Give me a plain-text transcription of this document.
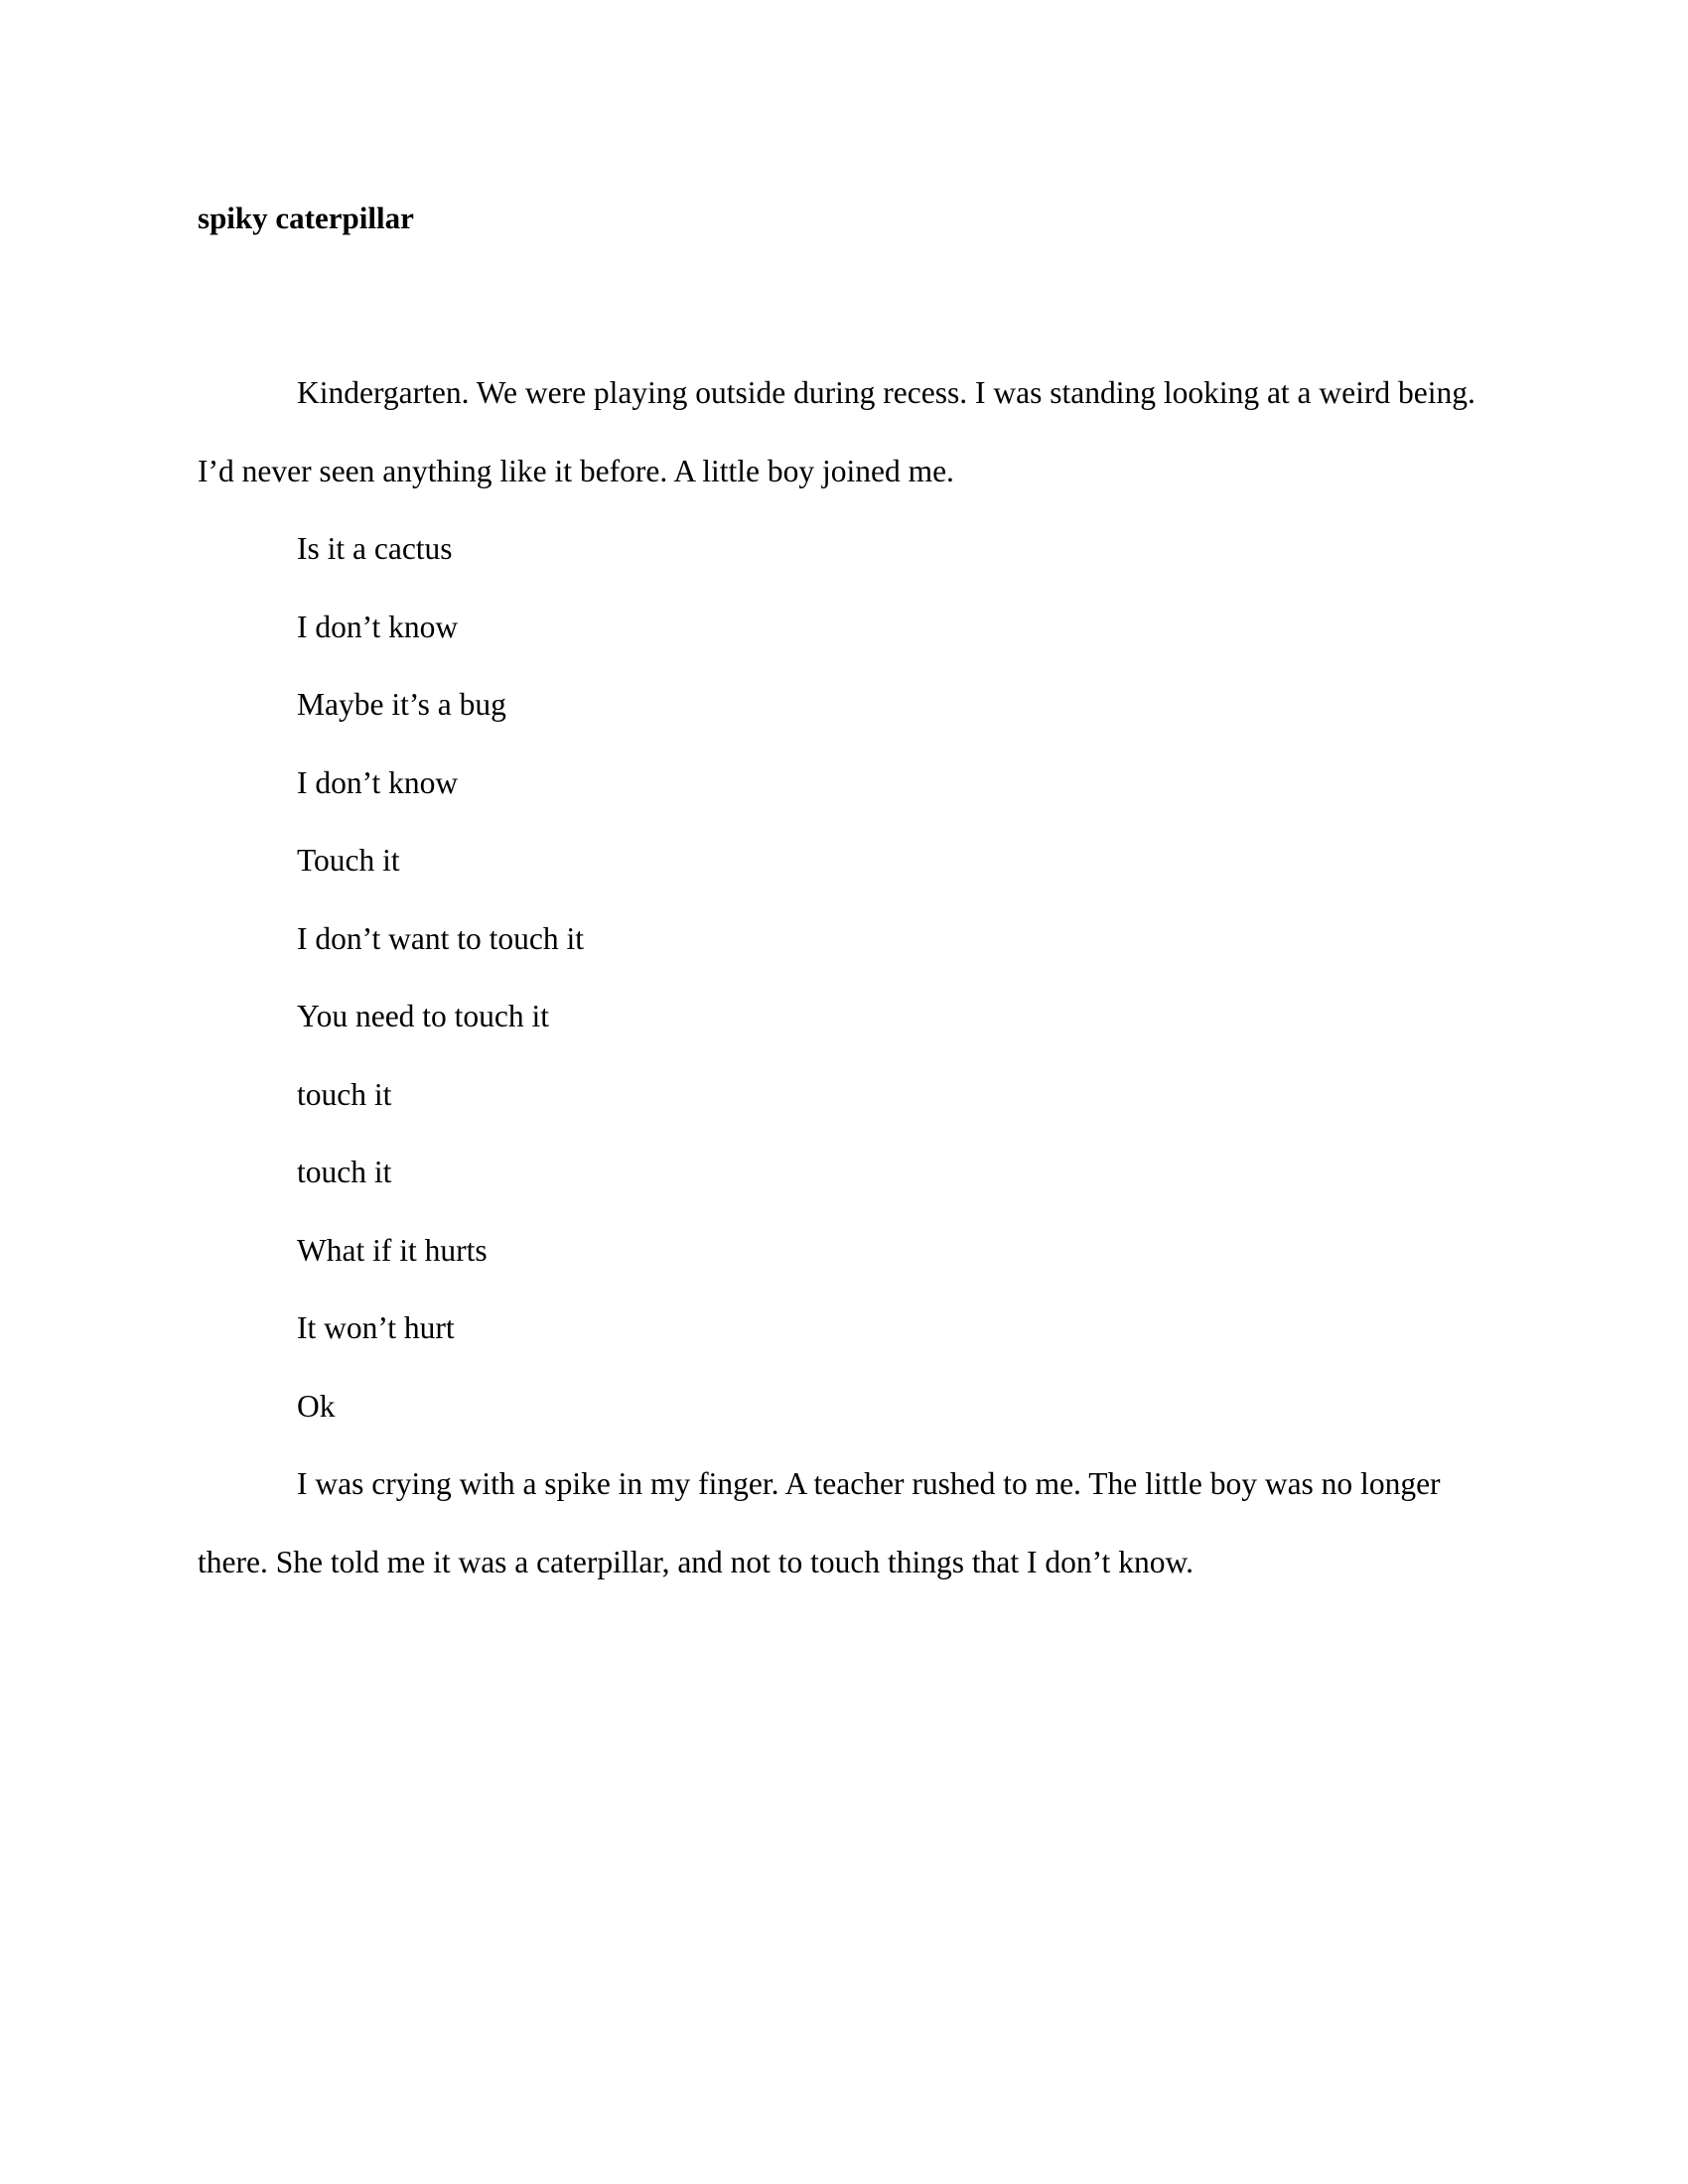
spiky caterpillar

Kindergarten. We were playing outside during recess. I was standing looking at a weird being. I’d never seen anything like it before. A little boy joined me.

Is it a cactus

I don’t know

Maybe it’s a bug

I don’t know

Touch it

I don’t want to touch it

You need to touch it

touch it

touch it

What if it hurts

It won’t hurt

Ok

I was crying with a spike in my finger. A teacher rushed to me. The little boy was no longer there. She told me it was a caterpillar, and not to touch things that I don’t know.
